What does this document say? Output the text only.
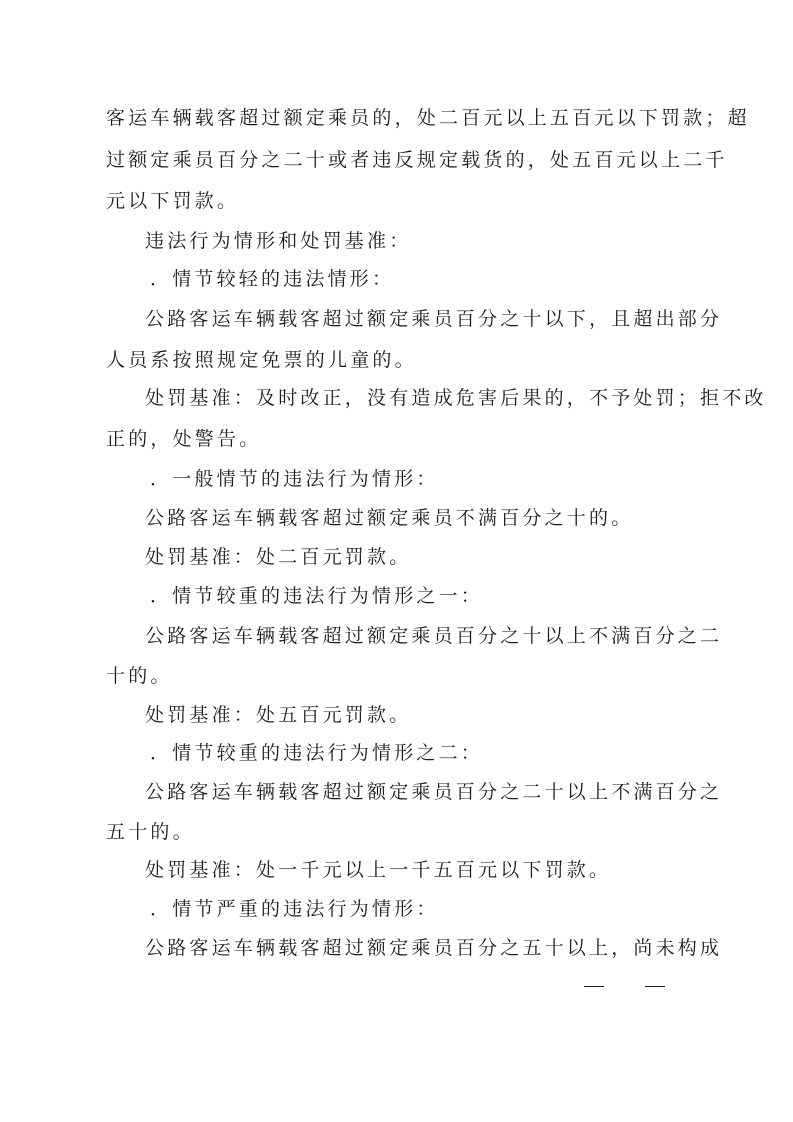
客运车辆载客超过额定乘员的，处二百元以上五百元以下罚款；超
过额定乘员百分之二十或者违反规定载货的，处五百元以上二千
元以下罚款。
违法行为情形和处罚基准：
．情节较轻的违法情形：
公路客运车辆载客超过额定乘员百分之十以下，且超出部分
人员系按照规定免票的儿童的。
处罚基准：及时改正，没有造成危害后果的，不予处罚；拒不改
正的，处警告。
．一般情节的违法行为情形：
公路客运车辆载客超过额定乘员不满百分之十的。
处罚基准：处二百元罚款。
．情节较重的违法行为情形之一：
公路客运车辆载客超过额定乘员百分之十以上不满百分之二
十的。
处罚基准：处五百元罚款。
．情节较重的违法行为情形之二：
公路客运车辆载客超过额定乘员百分之二十以上不满百分之
五十的。
处罚基准：处一千元以上一千五百元以下罚款。
．情节严重的违法行为情形：
公路客运车辆载客超过额定乘员百分之五十以上，尚未构成
